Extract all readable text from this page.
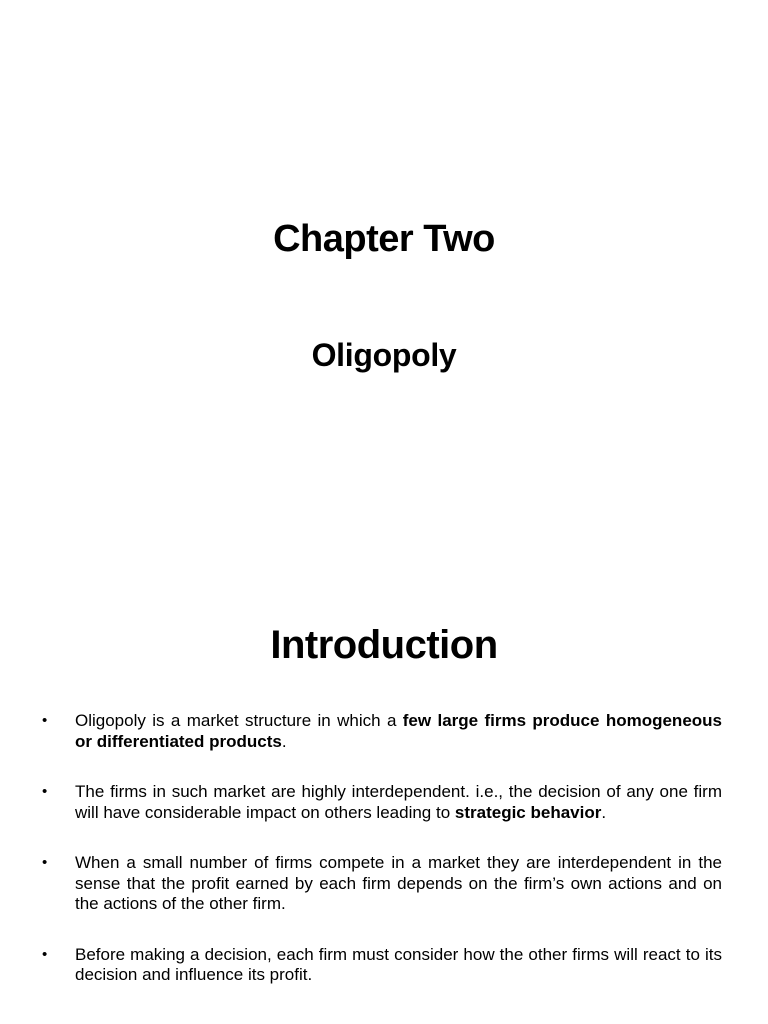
Chapter Two
Oligopoly
Introduction
•	Oligopoly is a market structure in which a few large firms produce homogeneous or differentiated products.
•	The firms in such market are highly interdependent. i.e., the decision of any one firm will have considerable impact on others leading to strategic behavior.
•	When a small number of firms compete in a market they are interdependent in the sense that the profit earned by each firm depends on the firm’s own actions and on the actions of the other firm.
•	Before making a decision, each firm must consider how the other firms will react to its decision and influence its profit.
